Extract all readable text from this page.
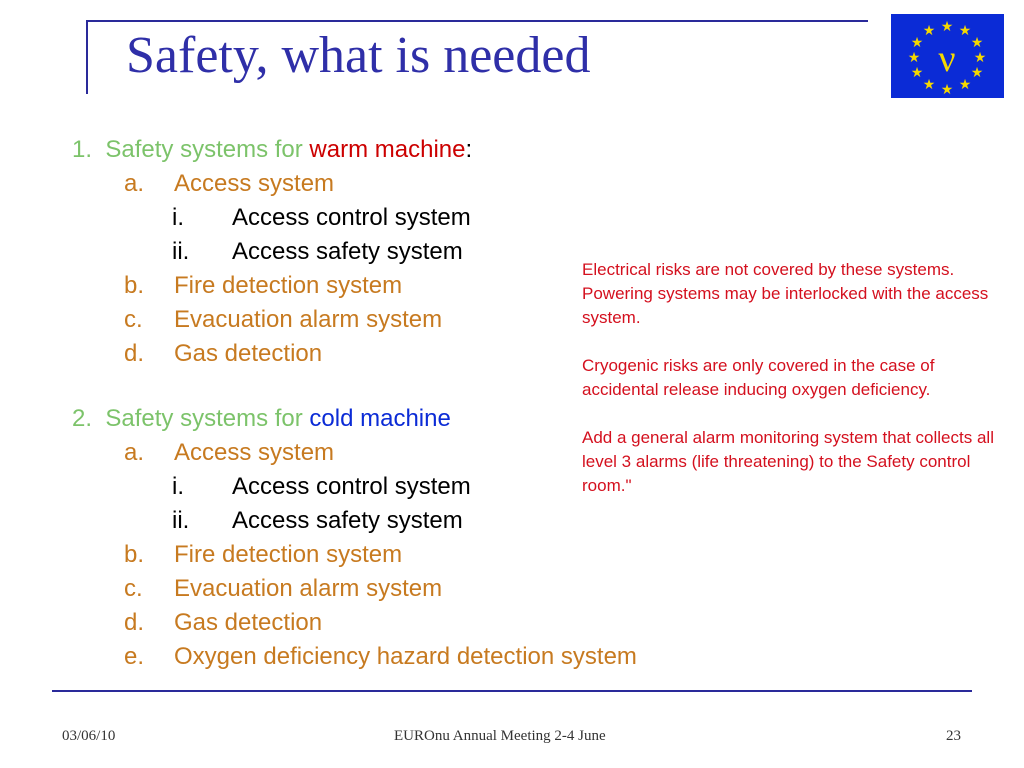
Safety, what is needed
★ ★
★
★
★
★
★
★
★
★
★
★
ν
1. Safety systems for warm machine:
a. Access system
i. Access control system
ii. Access safety system
b. Fire detection system
c. Evacuation alarm system
d. Gas detection
2. Safety systems for cold machine
a. Access system
i. Access control system
ii. Access safety system
b. Fire detection system
c. Evacuation alarm system
d. Gas detection
e. Oxygen deficiency hazard detection system

Electrical risks are not covered by these systems. Powering systems may be interlocked with the access system.

Cryogenic risks are only covered in the case of accidental release inducing oxygen deficiency.

Add a general alarm monitoring system that collects all level 3 alarms (life threatening) to the Safety control room."

03/06/10	EUROnu Annual Meeting 2-4 June	23
